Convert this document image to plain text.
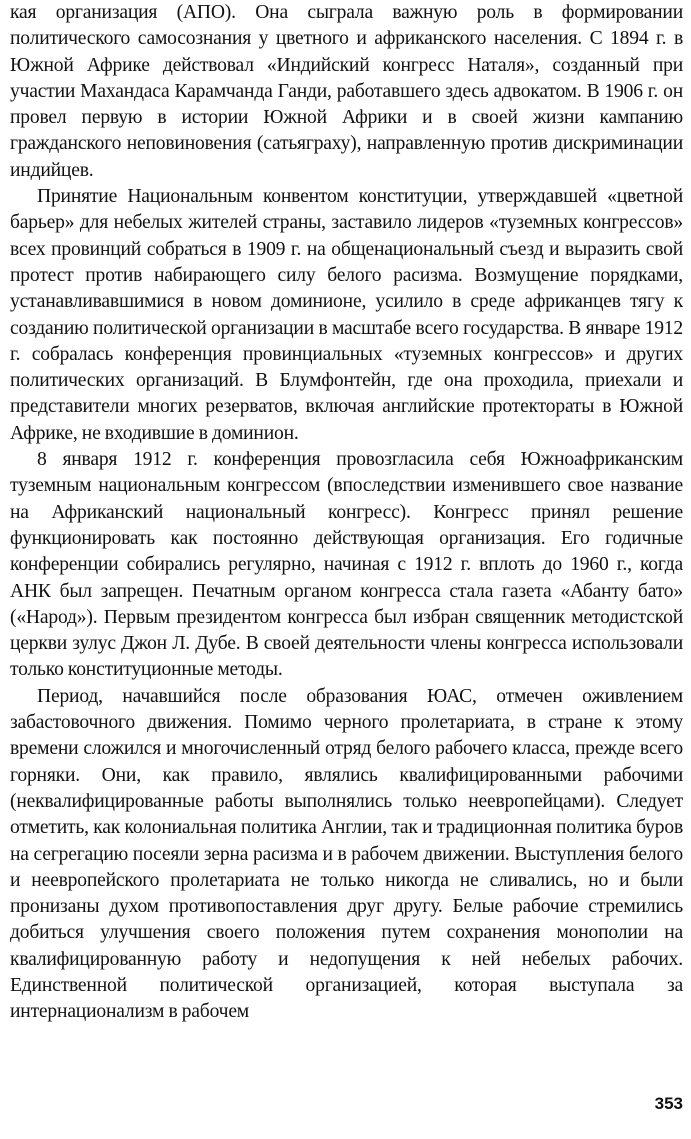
кая организация (АПО). Она сыграла важную роль в формировании политического самосознания у цветного и африканского населения. С 1894 г. в Южной Африке действовал «Индийский конгресс Наталя», созданный при участии Махандаса Карамчанда Ганди, работавшего здесь адвокатом. В 1906 г. он провел первую в истории Южной Африки и в своей жизни кампанию гражданского неповиновения (сатьяграху), направленную против дискриминации индийцев.

Принятие Национальным конвентом конституции, утверждавшей «цветной барьер» для небелых жителей страны, заставило лидеров «туземных конгрессов» всех провинций собраться в 1909 г. на общенациональный съезд и выразить свой протест против набирающего силу белого расизма. Возмущение порядками, устанавливавшимися в новом доминионе, усилило в среде африканцев тягу к созданию политической организации в масштабе всего государства. В январе 1912 г. собралась конференция провинциальных «туземных конгрессов» и других политических организаций. В Блумфонтейн, где она проходила, приехали и представители многих резерватов, включая английские протектораты в Южной Африке, не входившие в доминион.

8 января 1912 г. конференция провозгласила себя Южноафриканским туземным национальным конгрессом (впоследствии изменившего свое название на Африканский национальный конгресс). Конгресс принял решение функционировать как постоянно действующая организация. Его годичные конференции собирались регулярно, начиная с 1912 г. вплоть до 1960 г., когда АНК был запрещен. Печатным органом конгресса стала газета «Абанту бато» («Народ»). Первым президентом конгресса был избран священник методистской церкви зулус Джон Л. Дубе. В своей деятельности члены конгресса использовали только конституционные методы.

Период, начавшийся после образования ЮАС, отмечен оживлением забастовочного движения. Помимо черного пролетариата, в стране к этому времени сложился и многочисленный отряд белого рабочего класса, прежде всего горняки. Они, как правило, являлись квалифицированными рабочими (неквалифицированные работы выполнялись только неевропейцами). Следует отметить, как колониальная политика Англии, так и традиционная политика буров на сегрегацию посеяли зерна расизма и в рабочем движении. Выступления белого и неевропейского пролетариата не только никогда не сливались, но и были пронизаны духом противопоставления друг другу. Белые рабочие стремились добиться улучшения своего положения путем сохранения монополии на квалифицированную работу и недопущения к ней небелых рабочих. Единственной политической организацией, которая выступала за интернационализм в рабочем

353
